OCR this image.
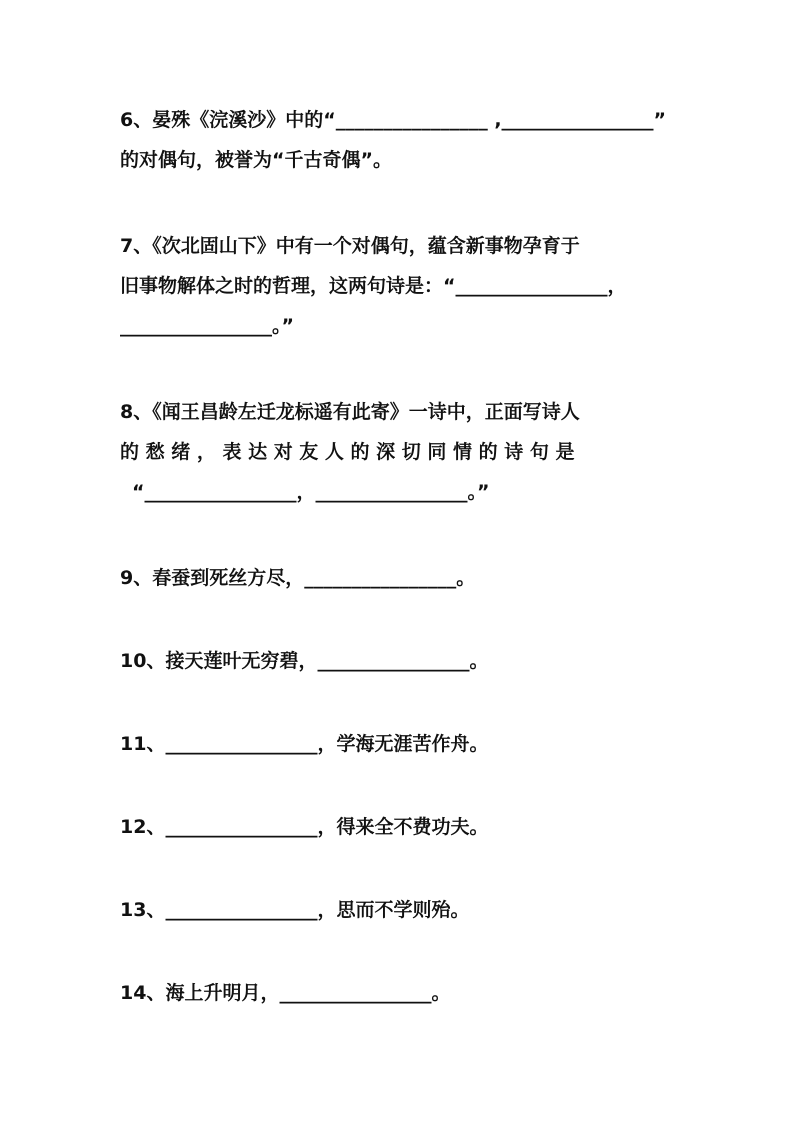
6、晏殊《浣溪沙》中的“________________ ,________________”
的对偶句，被誉为“千古奇偶”。
7、《次北固山下》中有一个对偶句，蕴含新事物孕育于
旧事物解体之时的哲理，这两句诗是：“________________，
________________。”
8、《闻王昌龄左迁龙标遥有此寄》一诗中，正面写诗人
的 愁 绪 ， 表 达 对 友 人 的 深 切 同 情 的 诗 句 是
“________________，________________。”
9、春蚕到死丝方尽，________________。
10、接天莲叶无穷碧，________________。
11、________________，学海无涯苦作舟。
12、________________，得来全不费功夫。
13、________________，思而不学则殆。
14、海上升明月，________________。
